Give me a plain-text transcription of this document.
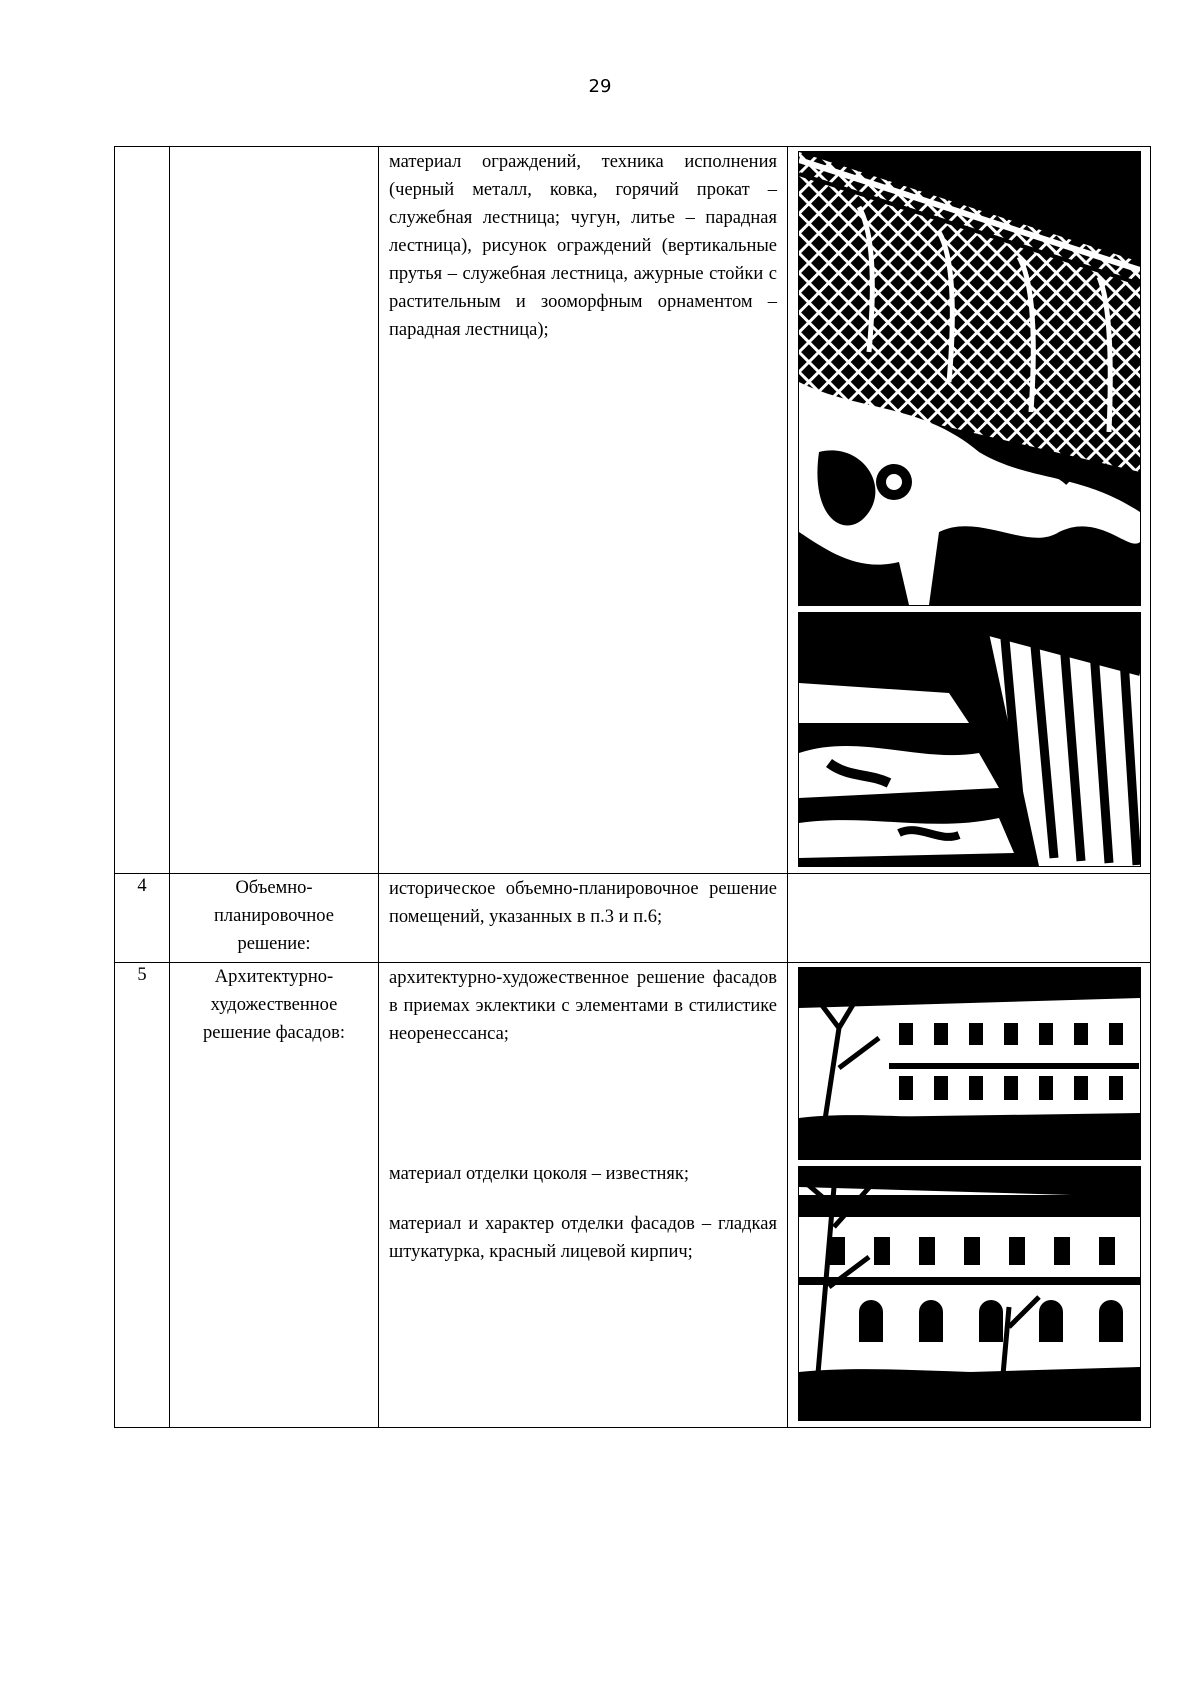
29

		материал ограждений, техника исполнения (черный металл, ковка, горячий прокат – служебная лестница; чугун, литье – парадная лестница), рисунок ограждений (вертикальные прутья – служебная лестница, ажурные стойки с растительным и зооморфным орнаментом – парадная лестница);

4	Объемно-планировочное решение:	историческое объемно-планировочное решение помещений, указанных в п.3 и п.6;	

5	Архитектурно-художественное решение фасадов:	архитектурно-художественное решение фасадов в приемах эклектики с элементами в стилистике неоренессанса;

материал отделки цоколя – известняк;

материал и характер отделки фасадов – гладкая штукатурка, красный лицевой кирпич;
